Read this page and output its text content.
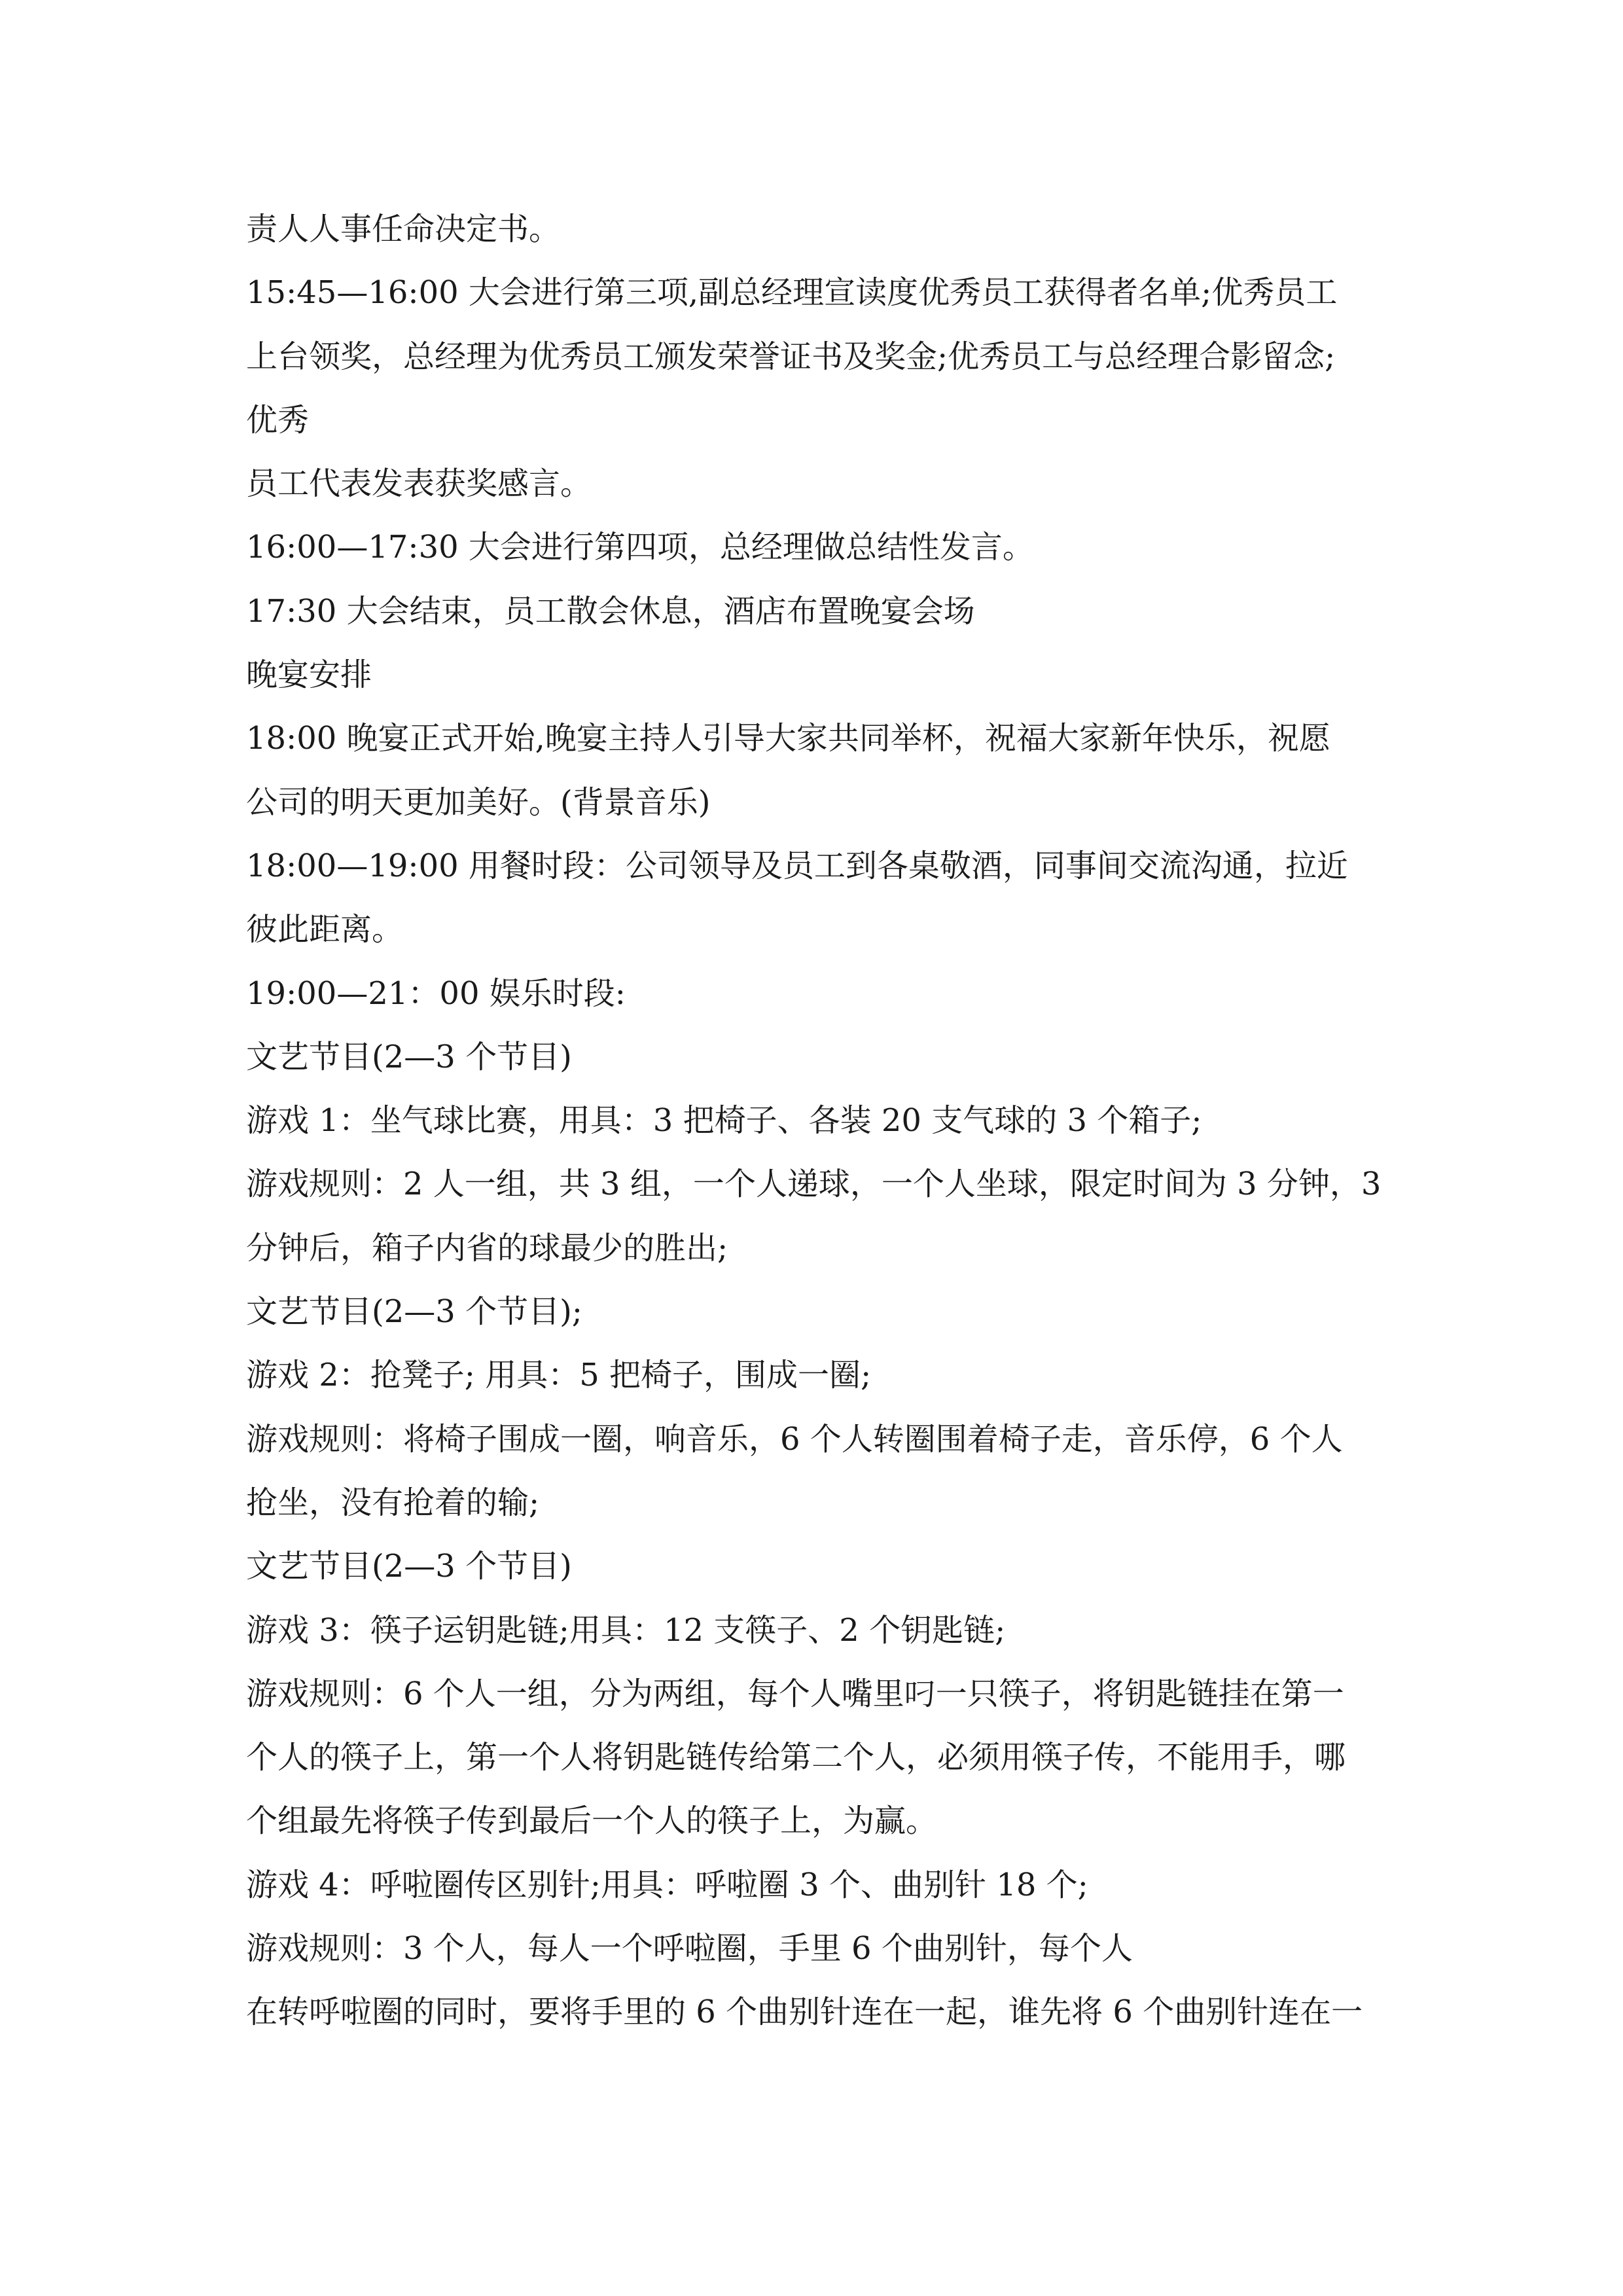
责人人事任命决定书。
15:45—16:00 大会进行第三项,副总经理宣读度优秀员工获得者名单;优秀员工
上台领奖，总经理为优秀员工颁发荣誉证书及奖金;优秀员工与总经理合影留念;
优秀
员工代表发表获奖感言。
16:00—17:30 大会进行第四项，总经理做总结性发言。
17:30 大会结束，员工散会休息，酒店布置晚宴会场
晚宴安排
18:00 晚宴正式开始,晚宴主持人引导大家共同举杯，祝福大家新年快乐，祝愿
公司的明天更加美好。(背景音乐)
18:00—19:00 用餐时段：公司领导及员工到各桌敬酒，同事间交流沟通，拉近
彼此距离。
19:00—21：00 娱乐时段:
文艺节目(2—3 个节目)
游戏 1：坐气球比赛，用具：3 把椅子、各装 20 支气球的 3 个箱子;
游戏规则：2 人一组，共 3 组，一个人递球，一个人坐球，限定时间为 3 分钟，3
分钟后，箱子内省的球最少的胜出;
文艺节目(2—3 个节目);
游戏 2：抢凳子; 用具：5 把椅子，围成一圈;
游戏规则：将椅子围成一圈，响音乐，6 个人转圈围着椅子走，音乐停，6 个人
抢坐，没有抢着的输;
文艺节目(2—3 个节目)
游戏 3：筷子运钥匙链;用具：12 支筷子、2 个钥匙链;
游戏规则：6 个人一组，分为两组，每个人嘴里叼一只筷子，将钥匙链挂在第一
个人的筷子上，第一个人将钥匙链传给第二个人，必须用筷子传，不能用手，哪
个组最先将筷子传到最后一个人的筷子上，为赢。
游戏 4：呼啦圈传区别针;用具：呼啦圈 3 个、曲别针 18 个;
游戏规则：3 个人，每人一个呼啦圈，手里 6 个曲别针，每个人
在转呼啦圈的同时，要将手里的 6 个曲别针连在一起，谁先将 6 个曲别针连在一
